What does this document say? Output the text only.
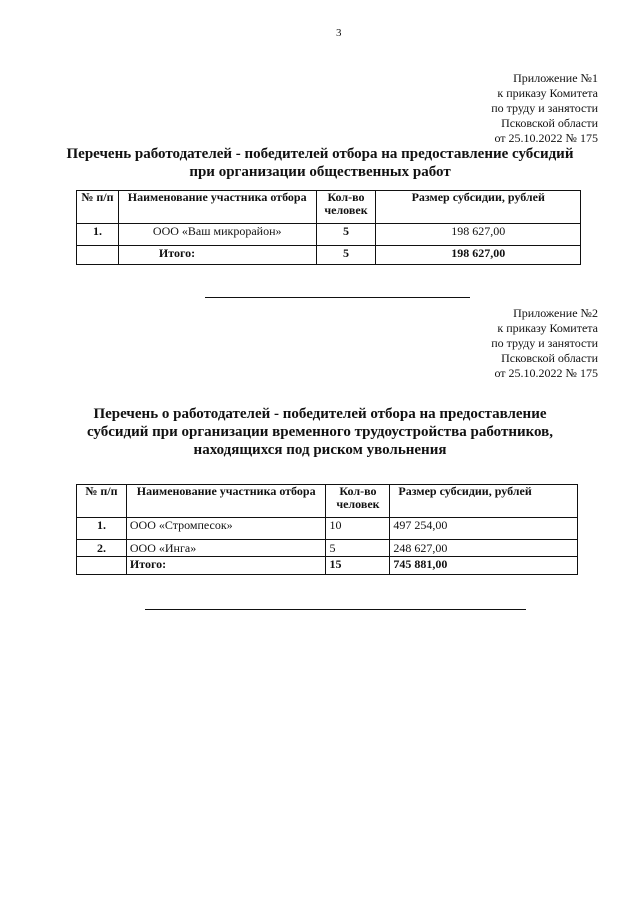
3
Приложение №1
к приказу Комитета
по труду и занятости
Псковской области
от 25.10.2022 № 175
Перечень работодателей - победителей отбора на предоставление субсидий
при организации общественных работ
№ п/п	Наименование участника отбора	Кол-во человек	Размер субсидии, рублей
1.	ООО «Ваш микрорайон»	5	198 627,00
	Итого:	5	198 627,00
Приложение №2
к приказу Комитета
по труду и занятости
Псковской области
от 25.10.2022 № 175
Перечень о работодателей - победителей отбора на предоставление
субсидий при организации временного трудоустройства работников,
находящихся под риском увольнения
№ п/п	Наименование участника отбора	Кол-во человек	Размер субсидии, рублей
1.	ООО «Стромпесок»	10	497 254,00
2.	ООО «Инга»	5	248 627,00
	Итого:	15	745 881,00
